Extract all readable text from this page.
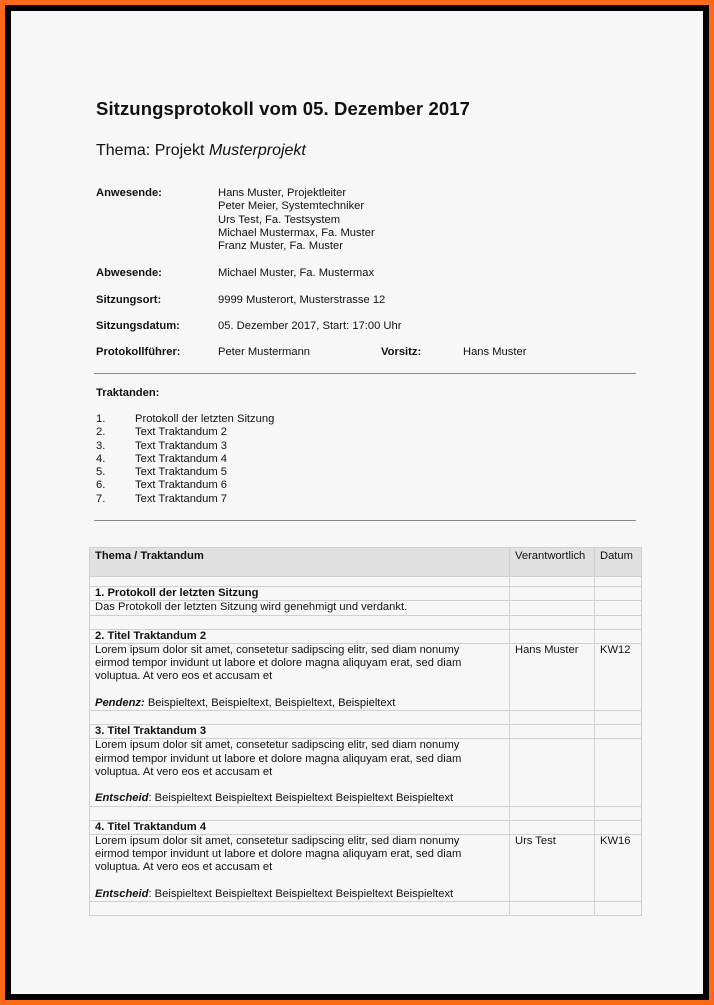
Sitzungsprotokoll vom 05. Dezember 2017
Thema: Projekt Musterprojekt
Anwesende:	Hans Muster, Projektleiter
Peter Meier, Systemtechniker
Urs Test, Fa. Testsystem
Michael Mustermax, Fa. Muster
Franz Muster, Fa. Muster
Abwesende:	Michael Muster, Fa. Mustermax
Sitzungsort:	9999 Musterort, Musterstrasse 12
Sitzungsdatum:	05. Dezember 2017, Start: 17:00 Uhr
Protokollführer:	Peter Mustermann	Vorsitz:	Hans Muster
Traktanden:
1.	Protokoll der letzten Sitzung
2.	Text Traktandum 2
3.	Text Traktandum 3
4.	Text Traktandum 4
5.	Text Traktandum 5
6.	Text Traktandum 6
7.	Text Traktandum 7
Thema / Traktandum	Verantwortlich	Datum

1. Protokoll der letzten Sitzung		
Das Protokoll der letzten Sitzung wird genehmigt und verdankt.		

2. Titel Traktandum 2		

Lorem ipsum dolor sit amet, consetetur sadipscing elitr, sed diam nonumy
eirmod tempor invidunt ut labore et dolore magna aliquyam erat, sed diam
voluptua. At vero eos et accusam et
Pendenz: Beispieltext, Beispieltext, Beispieltext, Beispieltext	Hans Muster	KW12

3. Titel Traktandum 3		

Lorem ipsum dolor sit amet, consetetur sadipscing elitr, sed diam nonumy
eirmod tempor invidunt ut labore et dolore magna aliquyam erat, sed diam
voluptua. At vero eos et accusam et
Entscheid: Beispieltext Beispieltext Beispieltext Beispieltext Beispieltext		

4. Titel Traktandum 4		

Lorem ipsum dolor sit amet, consetetur sadipscing elitr, sed diam nonumy
eirmod tempor invidunt ut labore et dolore magna aliquyam erat, sed diam
voluptua. At vero eos et accusam et
Entscheid: Beispieltext Beispieltext Beispieltext Beispieltext Beispieltext	Urs Test	KW16
